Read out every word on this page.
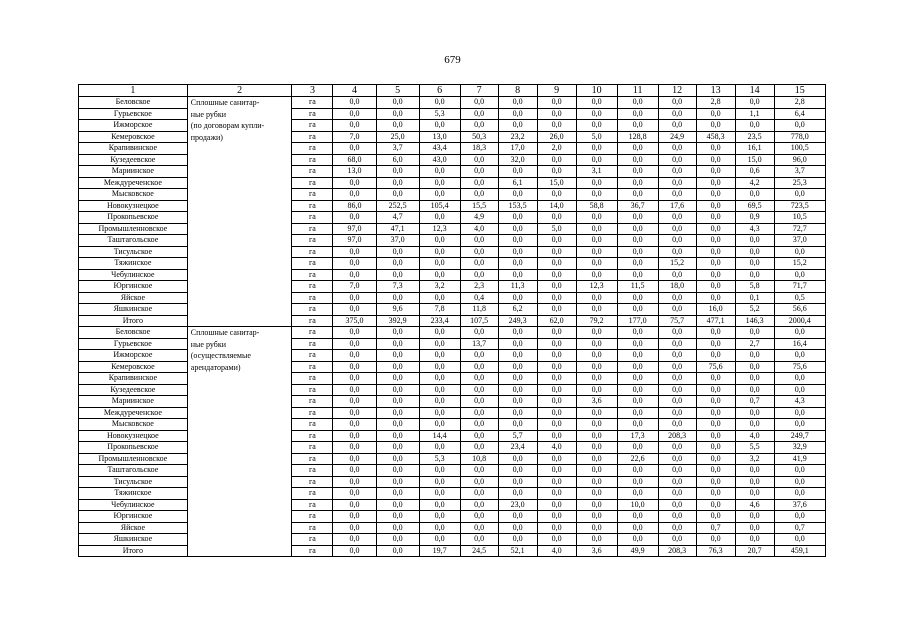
679
1	2	3	4	5	6	7	8	9	10	11	12	13	14	15
Беловское	Сплошные санитар-
ные рубки
(по договорам купли-
продажи)	га	0,0	0,0	0,0	0,0	0,0	0,0	0,0	0,0	0,0	2,8	0,0	2,8
Гурьевское		га	0,0	0,0	5,3	0,0	0,0	0,0	0,0	0,0	0,0	0,0	1,1	6,4
Ижморское		га	0,0	0,0	0,0	0,0	0,0	0,0	0,0	0,0	0,0	0,0	0,0	0,0
Кемеровское		га	7,0	25,0	13,0	50,3	23,2	26,0	5,0	128,8	24,9	458,3	23,5	778,0
Крапивинское		га	0,0	3,7	43,4	18,3	17,0	2,0	0,0	0,0	0,0	0,0	16,1	100,5
Кузедеевское		га	68,0	6,0	43,0	0,0	32,0	0,0	0,0	0,0	0,0	0,0	15,0	96,0
Мариинское		га	13,0	0,0	0,0	0,0	0,0	0,0	3,1	0,0	0,0	0,0	0,6	3,7
Междуреченское		га	0,0	0,0	0,0	0,0	6,1	15,0	0,0	0,0	0,0	0,0	4,2	25,3
Мысковское		га	0,0	0,0	0,0	0,0	0,0	0,0	0,0	0,0	0,0	0,0	0,0	0,0
Новокузнецкое		га	86,0	252,5	105,4	15,5	153,5	14,0	58,8	36,7	17,6	0,0	69,5	723,5
Прокопьевское		га	0,0	4,7	0,0	4,9	0,0	0,0	0,0	0,0	0,0	0,0	0,9	10,5
Промышленновское		га	97,0	47,1	12,3	4,0	0,0	5,0	0,0	0,0	0,0	0,0	4,3	72,7
Таштагольское		га	97,0	37,0	0,0	0,0	0,0	0,0	0,0	0,0	0,0	0,0	0,0	37,0
Тисульское		га	0,0	0,0	0,0	0,0	0,0	0,0	0,0	0,0	0,0	0,0	0,0	0,0
Тяжинское		га	0,0	0,0	0,0	0,0	0,0	0,0	0,0	0,0	15,2	0,0	0,0	15,2
Чебулинское		га	0,0	0,0	0,0	0,0	0,0	0,0	0,0	0,0	0,0	0,0	0,0	0,0
Юргинское		га	7,0	7,3	3,2	2,3	11,3	0,0	12,3	11,5	18,0	0,0	5,8	71,7
Яйское		га	0,0	0,0	0,0	0,4	0,0	0,0	0,0	0,0	0,0	0,0	0,1	0,5
Яшкинское		га	0,0	9,6	7,8	11,8	6,2	0,0	0,0	0,0	0,0	16,0	5,2	56,6
Итого		га	375,0	392,9	233,4	107,5	249,3	62,0	79,2	177,0	75,7	477,1	146,3	2000,4
Беловское	Сплошные санитар-
ные рубки
(осуществляемые
арендаторами)	га	0,0	0,0	0,0	0,0	0,0	0,0	0,0	0,0	0,0	0,0	0,0	0,0
Гурьевское		га	0,0	0,0	0,0	13,7	0,0	0,0	0,0	0,0	0,0	0,0	2,7	16,4
Ижморское		га	0,0	0,0	0,0	0,0	0,0	0,0	0,0	0,0	0,0	0,0	0,0	0,0
Кемеровское		га	0,0	0,0	0,0	0,0	0,0	0,0	0,0	0,0	0,0	75,6	0,0	75,6
Крапивинское		га	0,0	0,0	0,0	0,0	0,0	0,0	0,0	0,0	0,0	0,0	0,0	0,0
Кузедеевское		га	0,0	0,0	0,0	0,0	0,0	0,0	0,0	0,0	0,0	0,0	0,0	0,0
Мариинское		га	0,0	0,0	0,0	0,0	0,0	0,0	3,6	0,0	0,0	0,0	0,7	4,3
Междуреченское		га	0,0	0,0	0,0	0,0	0,0	0,0	0,0	0,0	0,0	0,0	0,0	0,0
Мысковское		га	0,0	0,0	0,0	0,0	0,0	0,0	0,0	0,0	0,0	0,0	0,0	0,0
Новокузнецкое		га	0,0	0,0	14,4	0,0	5,7	0,0	0,0	17,3	208,3	0,0	4,0	249,7
Прокопьевское		га	0,0	0,0	0,0	0,0	23,4	4,0	0,0	0,0	0,0	0,0	5,5	32,9
Промышленновское		га	0,0	0,0	5,3	10,8	0,0	0,0	0,0	22,6	0,0	0,0	3,2	41,9
Таштагольское		га	0,0	0,0	0,0	0,0	0,0	0,0	0,0	0,0	0,0	0,0	0,0	0,0
Тисульское		га	0,0	0,0	0,0	0,0	0,0	0,0	0,0	0,0	0,0	0,0	0,0	0,0
Тяжинское		га	0,0	0,0	0,0	0,0	0,0	0,0	0,0	0,0	0,0	0,0	0,0	0,0
Чебулинское		га	0,0	0,0	0,0	0,0	23,0	0,0	0,0	10,0	0,0	0,0	4,6	37,6
Юргинское		га	0,0	0,0	0,0	0,0	0,0	0,0	0,0	0,0	0,0	0,0	0,0	0,0
Яйское		га	0,0	0,0	0,0	0,0	0,0	0,0	0,0	0,0	0,0	0,7	0,0	0,7
Яшкинское		га	0,0	0,0	0,0	0,0	0,0	0,0	0,0	0,0	0,0	0,0	0,0	0,0
Итого		га	0,0	0,0	19,7	24,5	52,1	4,0	3,6	49,9	208,3	76,3	20,7	459,1
